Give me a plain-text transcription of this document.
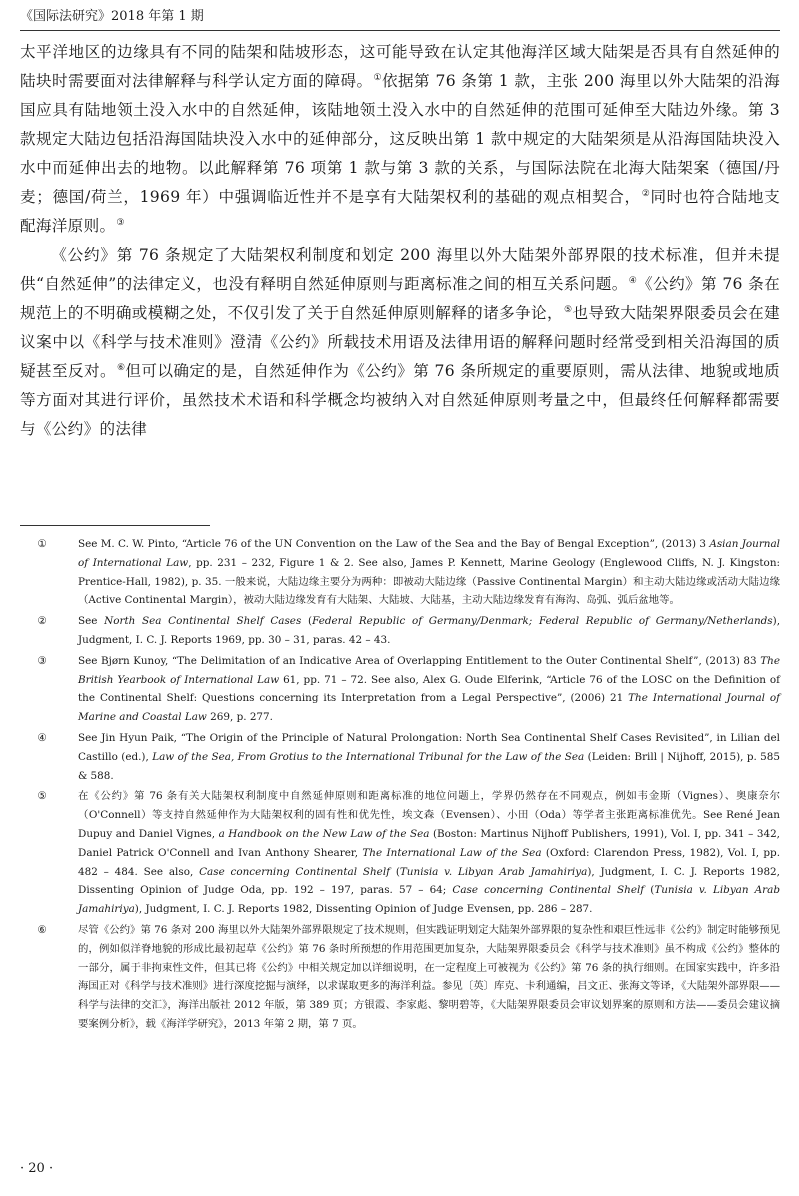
《国际法研究》2018 年第 1 期

太平洋地区的边缘具有不同的陆架和陆坡形态，这可能导致在认定其他海洋区域大陆架是否具有自然延伸的陆块时需要面对法律解释与科学认定方面的障碍。①依据第 76 条第 1 款，主张 200 海里以外大陆架的沿海国应具有陆地领土没入水中的自然延伸，该陆地领土没入水中的自然延伸的范围可延伸至大陆边外缘。第 3 款规定大陆边包括沿海国陆块没入水中的延伸部分，这反映出第 1 款中规定的大陆架须是从沿海国陆块没入水中而延伸出去的地物。以此解释第 76 项第 1 款与第 3 款的关系，与国际法院在北海大陆架案（德国/丹麦；德国/荷兰，1969 年）中强调临近性并不是享有大陆架权利的基础的观点相契合，②同时也符合陆地支配海洋原则。③

《公约》第 76 条规定了大陆架权利制度和划定 200 海里以外大陆架外部界限的技术标准，但并未提供“自然延伸”的法律定义，也没有释明自然延伸原则与距离标准之间的相互关系问题。④《公约》第 76 条在规范上的不明确或模糊之处，不仅引发了关于自然延伸原则解释的诸多争论，⑤也导致大陆架界限委员会在建议案中以《科学与技术准则》澄清《公约》所载技术用语及法律用语的解释问题时经常受到相关沿海国的质疑甚至反对。⑥但可以确定的是，自然延伸作为《公约》第 76 条所规定的重要原则，需从法律、地貌或地质等方面对其进行评价，虽然技术术语和科学概念均被纳入对自然延伸原则考量之中，但最终任何解释都需要与《公约》的法律

①	See M. C. W. Pinto, “Article 76 of the UN Convention on the Law of the Sea and the Bay of Bengal Exception”, (2013) 3 Asian Journal of International Law, pp. 231 – 232, Figure 1 & 2. See also, James P. Kennett, Marine Geology (Englewood Cliffs, N. J. Kingston: Prentice-Hall, 1982), p. 35. 一般来说，大陆边缘主要分为两种：即被动大陆边缘（Passive Continental Margin）和主动大陆边缘或活动大陆边缘（Active Continental Margin），被动大陆边缘发育有大陆架、大陆坡、大陆基，主动大陆边缘发育有海沟、岛弧、弧后盆地等。
②	See North Sea Continental Shelf Cases (Federal Republic of Germany/Denmark; Federal Republic of Germany/Netherlands), Judgment, I. C. J. Reports 1969, pp. 30 – 31, paras. 42 – 43.
③	See Bjørn Kunoy, “The Delimitation of an Indicative Area of Overlapping Entitlement to the Outer Continental Shelf”, (2013) 83 The British Yearbook of International Law 61, pp. 71 – 72. See also, Alex G. Oude Elferink, “Article 76 of the LOSC on the Definition of the Continental Shelf: Questions concerning its Interpretation from a Legal Perspective”, (2006) 21 The International Journal of Marine and Coastal Law 269, p. 277.
④	See Jin Hyun Paik, “The Origin of the Principle of Natural Prolongation: North Sea Continental Shelf Cases Revisited”, in Lilian del Castillo (ed.), Law of the Sea, From Grotius to the International Tribunal for the Law of the Sea (Leiden: Brill | Nijhoff, 2015), p. 585 & 588.
⑤	在《公约》第 76 条有关大陆架权利制度中自然延伸原则和距离标准的地位问题上，学界仍然存在不同观点，例如韦金斯（Vignes）、奥康奈尔（O'Connell）等支持自然延伸作为大陆架权利的固有性和优先性，埃文森（Evensen）、小田（Oda）等学者主张距离标准优先。See René Jean Dupuy and Daniel Vignes, a Handbook on the New Law of the Sea (Boston: Martinus Nijhoff Publishers, 1991), Vol. I, pp. 341 – 342, Daniel Patrick O'Connell and Ivan Anthony Shearer, The International Law of the Sea (Oxford: Clarendon Press, 1982), Vol. I, pp. 482 – 484. See also, Case concerning Continental Shelf (Tunisia v. Libyan Arab Jamahiriya), Judgment, I. C. J. Reports 1982, Dissenting Opinion of Judge Oda, pp. 192 – 197, paras. 57 – 64; Case concerning Continental Shelf (Tunisia v. Libyan Arab Jamahiriya), Judgment, I. C. J. Reports 1982, Dissenting Opinion of Judge Evensen, pp. 286 – 287.
⑥	尽管《公约》第 76 条对 200 海里以外大陆架外部界限规定了技术规则，但实践证明划定大陆架外部界限的复杂性和艰巨性远非《公约》制定时能够预见的，例如似洋脊地貌的形成比最初起草《公约》第 76 条时所预想的作用范围更加复杂，大陆架界限委员会《科学与技术准则》虽不构成《公约》整体的一部分，属于非拘束性文件，但其已将《公约》中相关规定加以详细说明，在一定程度上可被视为《公约》第 76 条的执行细则。在国家实践中，许多沿海国正对《科学与技术准则》进行深度挖掘与演绎，以求谋取更多的海洋利益。参见〔英〕库克、卡利通编，吕文正、张海文等译，《大陆架外部界限——科学与法律的交汇》，海洋出版社 2012 年版，第 389 页；方银霞、李家彪、黎明碧等，《大陆架界限委员会审议划界案的原则和方法——委员会建议摘要案例分析》，载《海洋学研究》，2013 年第 2 期，第 7 页。
· 20 ·
